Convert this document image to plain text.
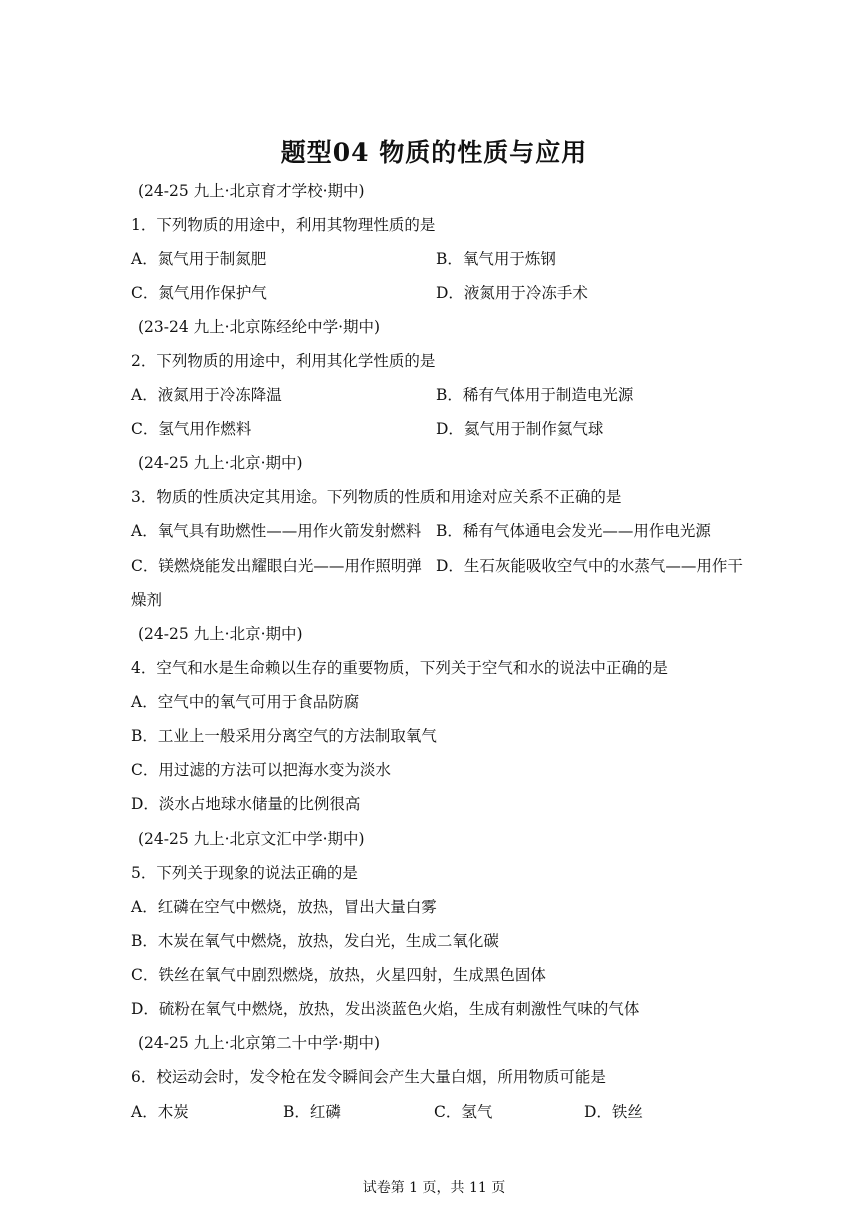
题型04 物质的性质与应用
(24-25 九上·北京育才学校·期中)
1．下列物质的用途中，利用其物理性质的是
A．氮气用于制氮肥	B．氧气用于炼钢
C．氮气用作保护气	D．液氮用于冷冻手术
(23-24 九上·北京陈经纶中学·期中)
2．下列物质的用途中，利用其化学性质的是
A．液氮用于冷冻降温	B．稀有气体用于制造电光源
C．氢气用作燃料	D．氦气用于制作氦气球
(24-25 九上·北京·期中)
3．物质的性质决定其用途。下列物质的性质和用途对应关系不正确的是
A．氧气具有助燃性——用作火箭发射燃料 B．稀有气体通电会发光——用作电光源
C．镁燃烧能发出耀眼白光——用作照明弹 D．生石灰能吸收空气中的水蒸气——用作干
燥剂
(24-25 九上·北京·期中)
4．空气和水是生命赖以生存的重要物质，下列关于空气和水的说法中正确的是
A．空气中的氧气可用于食品防腐
B．工业上一般采用分离空气的方法制取氧气
C．用过滤的方法可以把海水变为淡水
D．淡水占地球水储量的比例很高
(24-25 九上·北京文汇中学·期中)
5．下列关于现象的说法正确的是
A．红磷在空气中燃烧，放热，冒出大量白雾
B．木炭在氧气中燃烧，放热，发白光，生成二氧化碳
C．铁丝在氧气中剧烈燃烧，放热，火星四射，生成黑色固体
D．硫粉在氧气中燃烧，放热，发出淡蓝色火焰，生成有刺激性气味的气体
(24-25 九上·北京第二十中学·期中)
6．校运动会时，发令枪在发令瞬间会产生大量白烟，所用物质可能是
A．木炭	B．红磷	C．氢气	D．铁丝
试卷第 1 页，共 11 页
